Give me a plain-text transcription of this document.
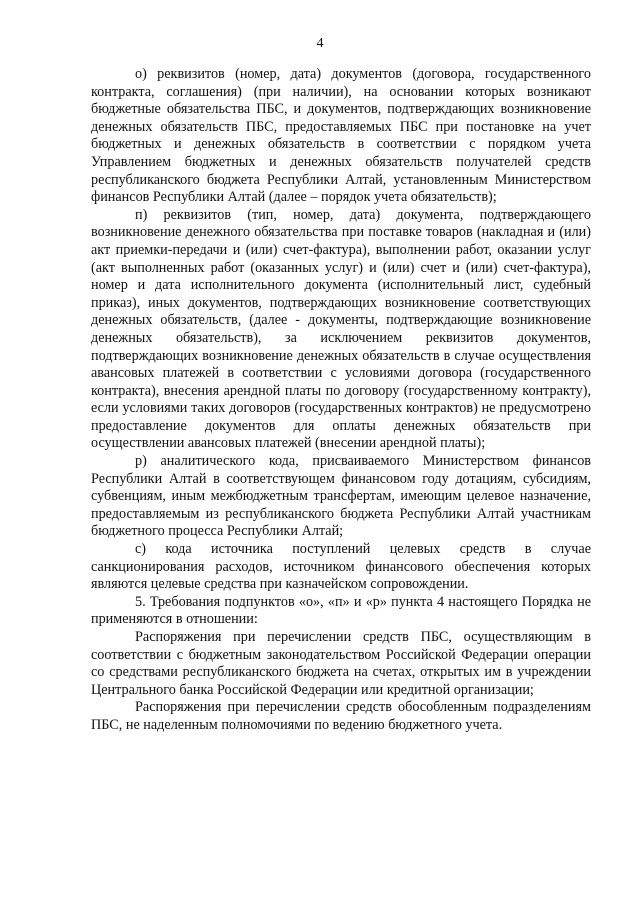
4

о) реквизитов (номер, дата) документов (договора, государственного контракта, соглашения) (при наличии), на основании которых возникают бюджетные обязательства ПБС, и документов, подтверждающих возникновение денежных обязательств ПБС, предоставляемых ПБС при постановке на учет бюджетных и денежных обязательств в соответствии с порядком учета Управлением бюджетных и денежных обязательств получателей средств республиканского бюджета Республики Алтай, установленным Министерством финансов Республики Алтай (далее – порядок учета обязательств);

п) реквизитов (тип, номер, дата) документа, подтверждающего возникновение денежного обязательства при поставке товаров (накладная и (или) акт приемки-передачи и (или) счет-фактура), выполнении работ, оказании услуг (акт выполненных работ (оказанных услуг) и (или) счет и (или) счет-фактура), номер и дата исполнительного документа (исполнительный лист, судебный приказ), иных документов, подтверждающих возникновение соответствующих денежных обязательств, (далее - документы, подтверждающие возникновение денежных обязательств), за исключением реквизитов документов, подтверждающих возникновение денежных обязательств в случае осуществления авансовых платежей в соответствии с условиями договора (государственного контракта), внесения арендной платы по договору (государственному контракту), если условиями таких договоров (государственных контрактов) не предусмотрено предоставление документов для оплаты денежных обязательств при осуществлении авансовых платежей (внесении арендной платы);

р) аналитического кода, присваиваемого Министерством финансов Республики Алтай в соответствующем финансовом году дотациям, субсидиям, субвенциям, иным межбюджетным трансфертам, имеющим целевое назначение, предоставляемым из республиканского бюджета Республики Алтай участникам бюджетного процесса Республики Алтай;

с) кода источника поступлений целевых средств в случае санкционирования расходов, источником финансового обеспечения которых являются целевые средства при казначейском сопровождении.

5. Требования подпунктов «о», «п» и «р» пункта 4 настоящего Порядка не применяются в отношении:

Распоряжения при перечислении средств ПБС, осуществляющим в соответствии с бюджетным законодательством Российской Федерации операции со средствами республиканского бюджета на счетах, открытых им в учреждении Центрального банка Российской Федерации или кредитной организации;

Распоряжения при перечислении средств обособленным подразделениям ПБС, не наделенным полномочиями по ведению бюджетного учета.
